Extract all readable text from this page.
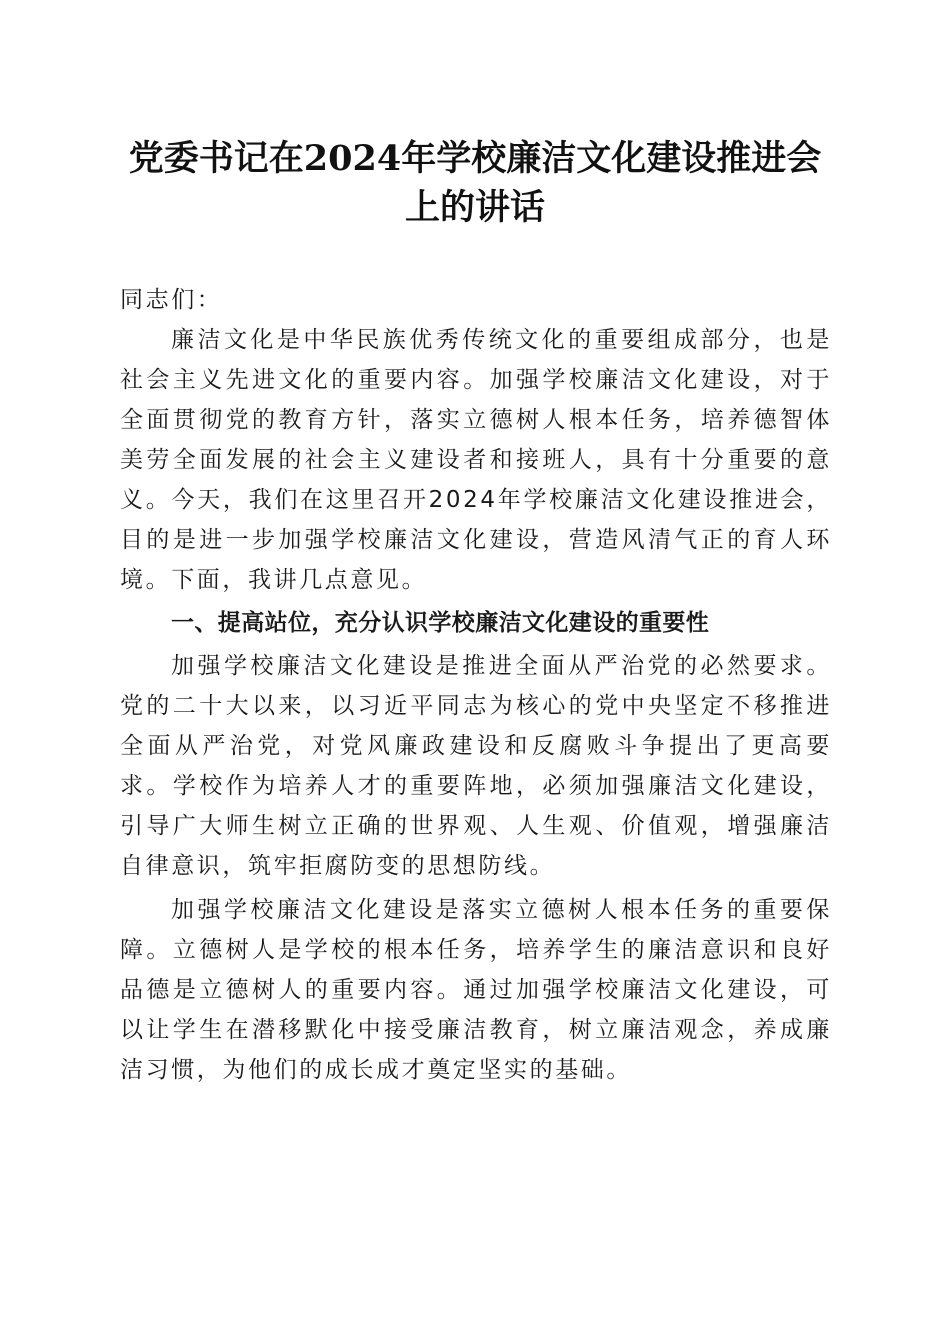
党委书记在2024年学校廉洁文化建设推进会
上的讲话

同志们：

廉洁文化是中华民族优秀传统文化的重要组成部分，也是社会主义先进文化的重要内容。加强学校廉洁文化建设，对于全面贯彻党的教育方针，落实立德树人根本任务，培养德智体美劳全面发展的社会主义建设者和接班人，具有十分重要的意义。今天，我们在这里召开2024年学校廉洁文化建设推进会，目的是进一步加强学校廉洁文化建设，营造风清气正的育人环境。下面，我讲几点意见。

一、提高站位，充分认识学校廉洁文化建设的重要性

加强学校廉洁文化建设是推进全面从严治党的必然要求。党的二十大以来，以习近平同志为核心的党中央坚定不移推进全面从严治党，对党风廉政建设和反腐败斗争提出了更高要求。学校作为培养人才的重要阵地，必须加强廉洁文化建设，引导广大师生树立正确的世界观、人生观、价值观，增强廉洁自律意识，筑牢拒腐防变的思想防线。

加强学校廉洁文化建设是落实立德树人根本任务的重要保障。立德树人是学校的根本任务，培养学生的廉洁意识和良好品德是立德树人的重要内容。通过加强学校廉洁文化建设，可以让学生在潜移默化中接受廉洁教育，树立廉洁观念，养成廉洁习惯，为他们的成长成才奠定坚实的基础。
